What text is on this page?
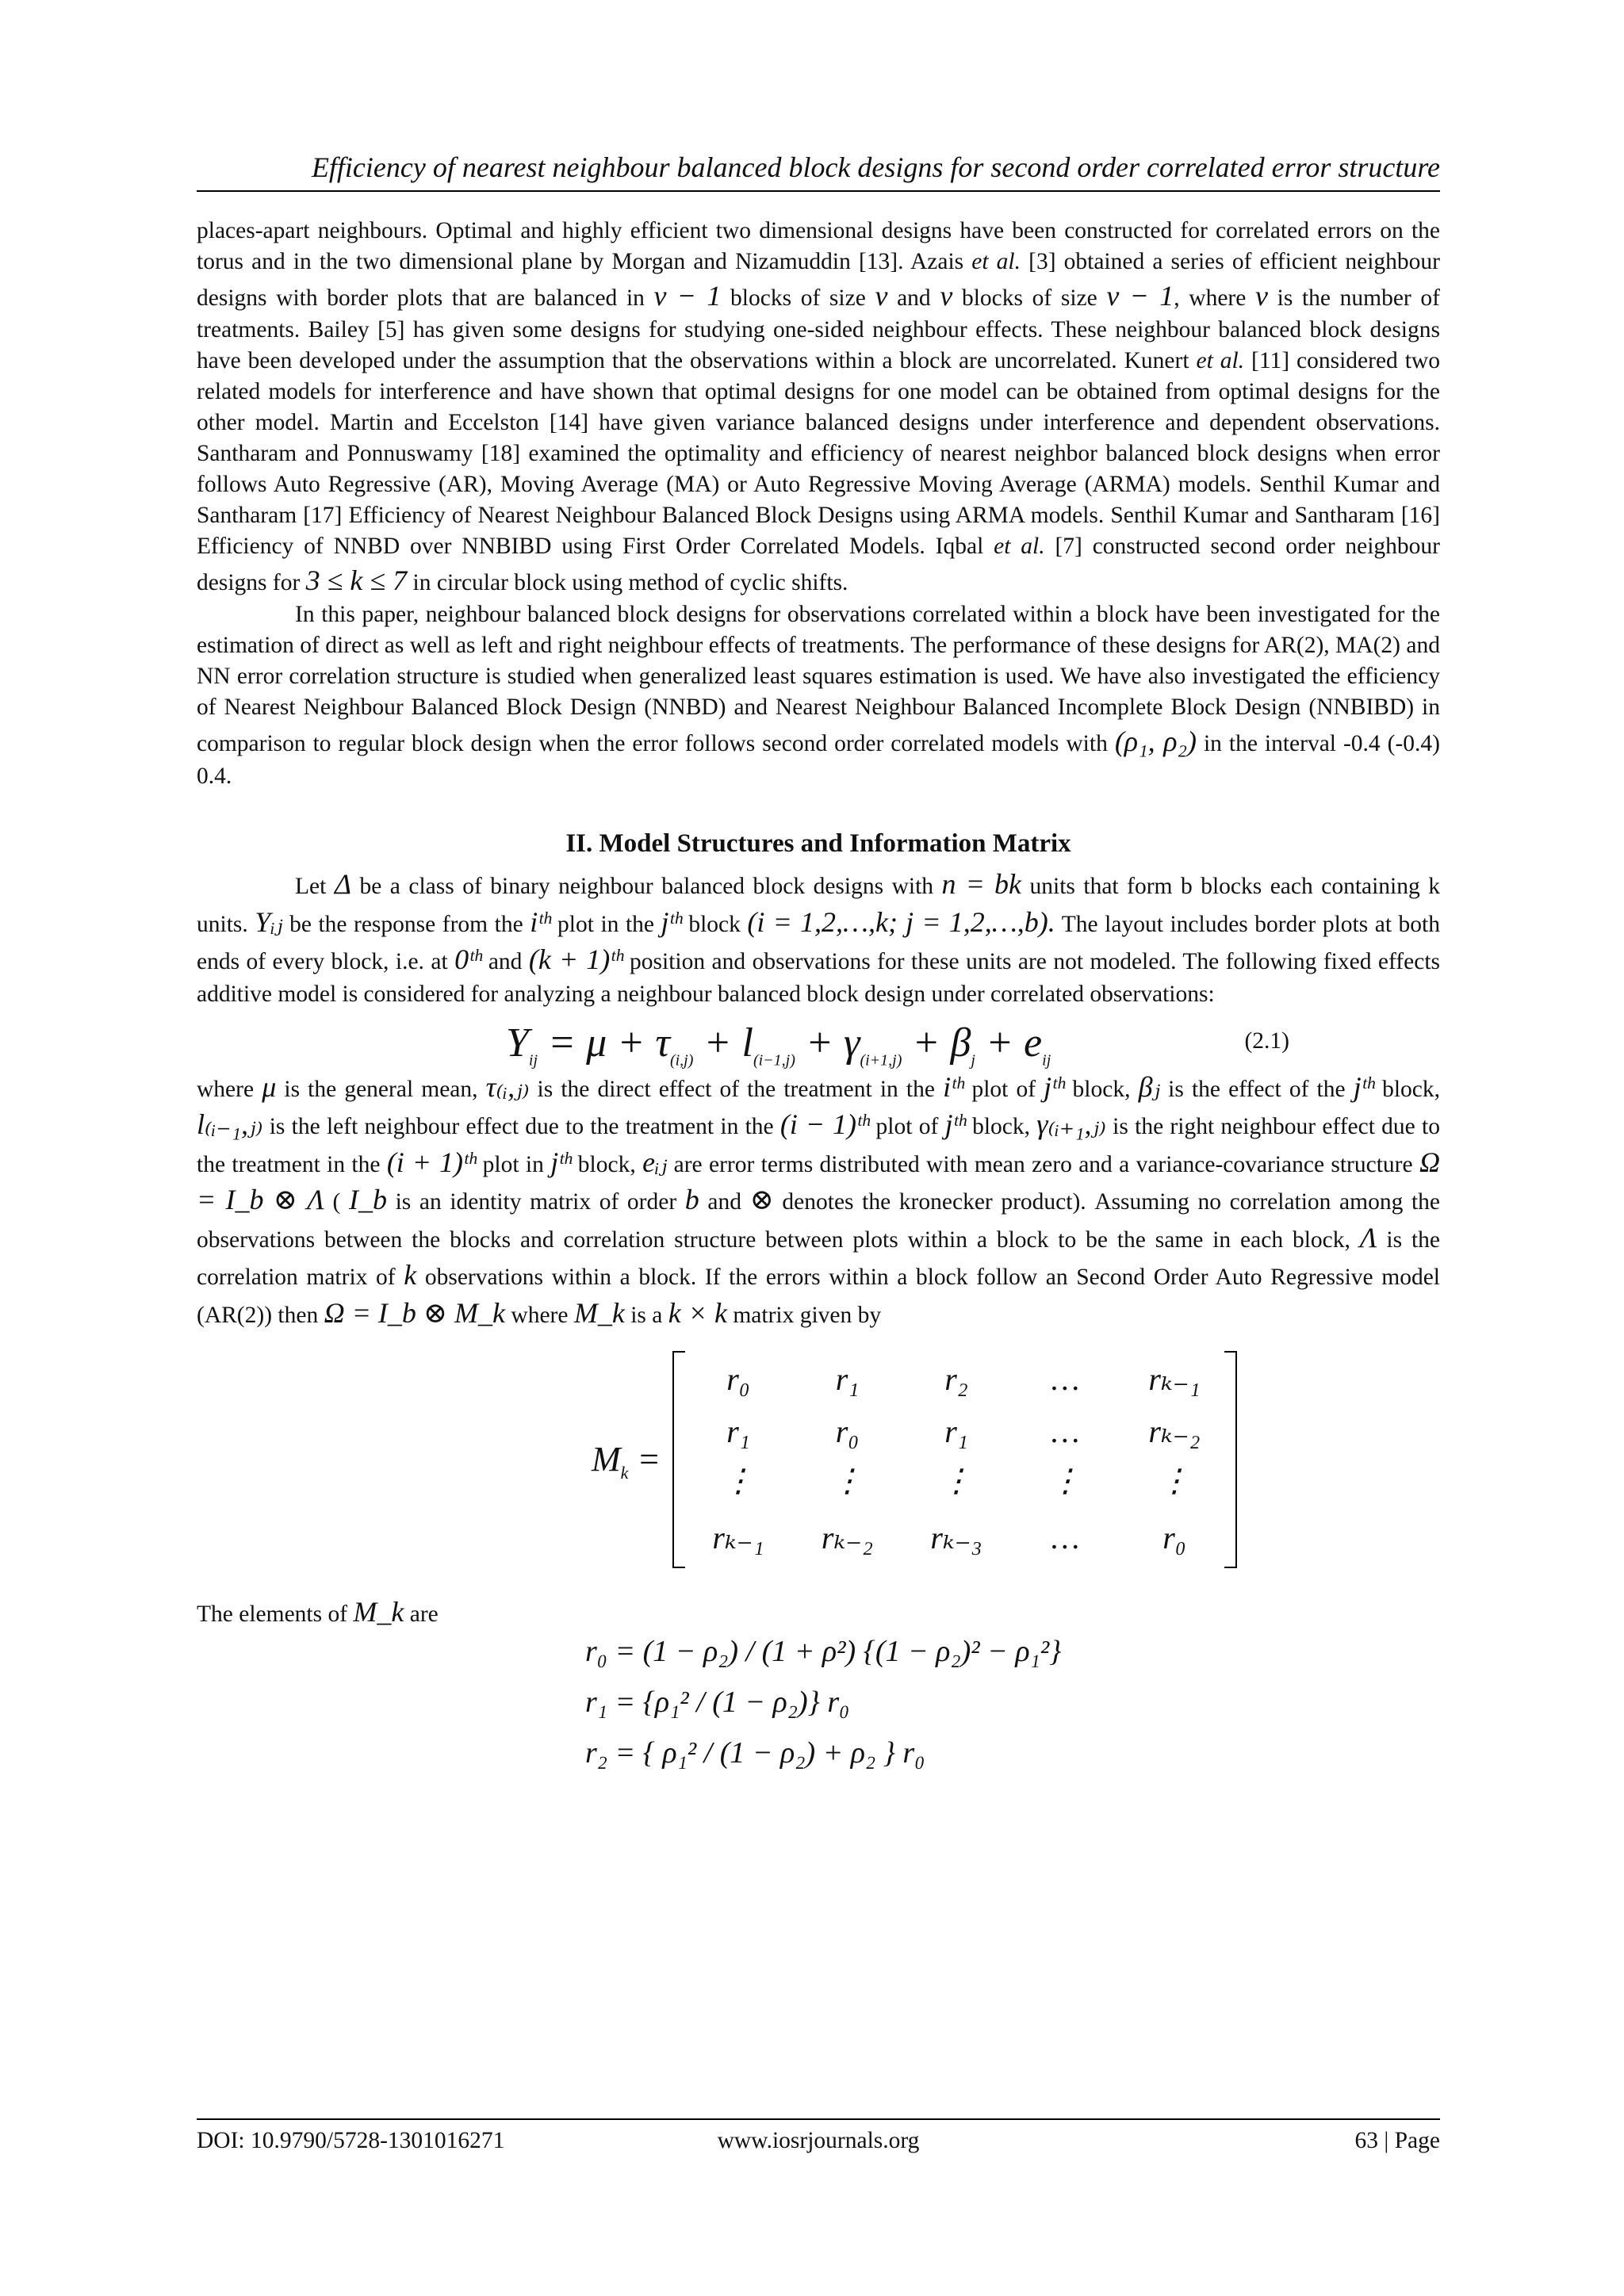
Efficiency of nearest neighbour balanced block designs for second order correlated error structure

places-apart neighbours. Optimal and highly efficient two dimensional designs have been constructed for correlated errors on the torus and in the two dimensional plane by Morgan and Nizamuddin [13]. Azais et al. [3] obtained a series of efficient neighbour designs with border plots that are balanced in v − 1 blocks of size v and v blocks of size v − 1, where v is the number of treatments. Bailey [5] has given some designs for studying one-sided neighbour effects. These neighbour balanced block designs have been developed under the assumption that the observations within a block are uncorrelated. Kunert et al. [11] considered two related models for interference and have shown that optimal designs for one model can be obtained from optimal designs for the other model. Martin and Eccelston [14] have given variance balanced designs under interference and dependent observations. Santharam and Ponnuswamy [18] examined the optimality and efficiency of nearest neighbor balanced block designs when error follows Auto Regressive (AR), Moving Average (MA) or Auto Regressive Moving Average (ARMA) models. Senthil Kumar and Santharam [17] Efficiency of Nearest Neighbour Balanced Block Designs using ARMA models. Senthil Kumar and Santharam [16] Efficiency of NNBD over NNBIBD using First Order Correlated Models. Iqbal et al. [7] constructed second order neighbour designs for 3 ≤ k ≤ 7 in circular block using method of cyclic shifts.

In this paper, neighbour balanced block designs for observations correlated within a block have been investigated for the estimation of direct as well as left and right neighbour effects of treatments. The performance of these designs for AR(2), MA(2) and NN error correlation structure is studied when generalized least squares estimation is used. We have also investigated the efficiency of Nearest Neighbour Balanced Block Design (NNBD) and Nearest Neighbour Balanced Incomplete Block Design (NNBIBD) in comparison to regular block design when the error follows second order correlated models with (ρ₁, ρ₂) in the interval -0.4 (-0.4) 0.4.

II. Model Structures and Information Matrix

Let Δ be a class of binary neighbour balanced block designs with n = bk units that form b blocks each containing k units. Yᵢⱼ be the response from the iᵗʰ plot in the jᵗʰ block (i = 1,2,…,k; j = 1,2,…,b). The layout includes border plots at both ends of every block, i.e. at 0ᵗʰ and (k + 1)ᵗʰ position and observations for these units are not modeled. The following fixed effects additive model is considered for analyzing a neighbour balanced block design under correlated observations:

$Y_{ij} = \mu + \tau_{(i,j)} + l_{(i-1,j)} + \gamma_{(i+1,j)} + \beta_j + e_{ij}$
(2.1)

where μ is the general mean, τ₍ᵢ,ⱼ₎ is the direct effect of the treatment in the iᵗʰ plot of jᵗʰ block, βⱼ is the effect of the jᵗʰ block, l₍ᵢ₋₁,ⱼ₎ is the left neighbour effect due to the treatment in the (i − 1)ᵗʰ plot of jᵗʰ block, γ₍ᵢ₊₁,ⱼ₎ is the right neighbour effect due to the treatment in the (i + 1)ᵗʰ plot in jᵗʰ block, eᵢⱼ are error terms distributed with mean zero and a variance-covariance structure Ω = I_b ⊗ Λ ( I_b is an identity matrix of order b and ⊗ denotes the kronecker product). Assuming no correlation among the observations between the blocks and correlation structure between plots within a block to be the same in each block, Λ is the correlation matrix of k observations within a block. If the errors within a block follow an Second Order Auto Regressive model (AR(2)) then Ω = I_b ⊗ M_k where M_k is a k × k matrix given by

$M_k$ =
r₀	r₁	r₂	…	rₖ₋₁
r₁	r₀	r₁	…	rₖ₋₂
⋮	⋮	⋮	⋮	⋮
rₖ₋₁	rₖ₋₂	rₖ₋₃	…	r₀

The elements of M_k are

r₀ = (1 − ρ₂) / (1 + ρ²) {(1 − ρ₂)² − ρ₁²}
r₁ = {ρ₁² / (1 − ρ₂)} r₀
r₂ = { ρ₁² / (1 − ρ₂) + ρ₂ } r₀
DOI: 10.9790/5728-1301016271	www.iosrjournals.org	63 | Page
